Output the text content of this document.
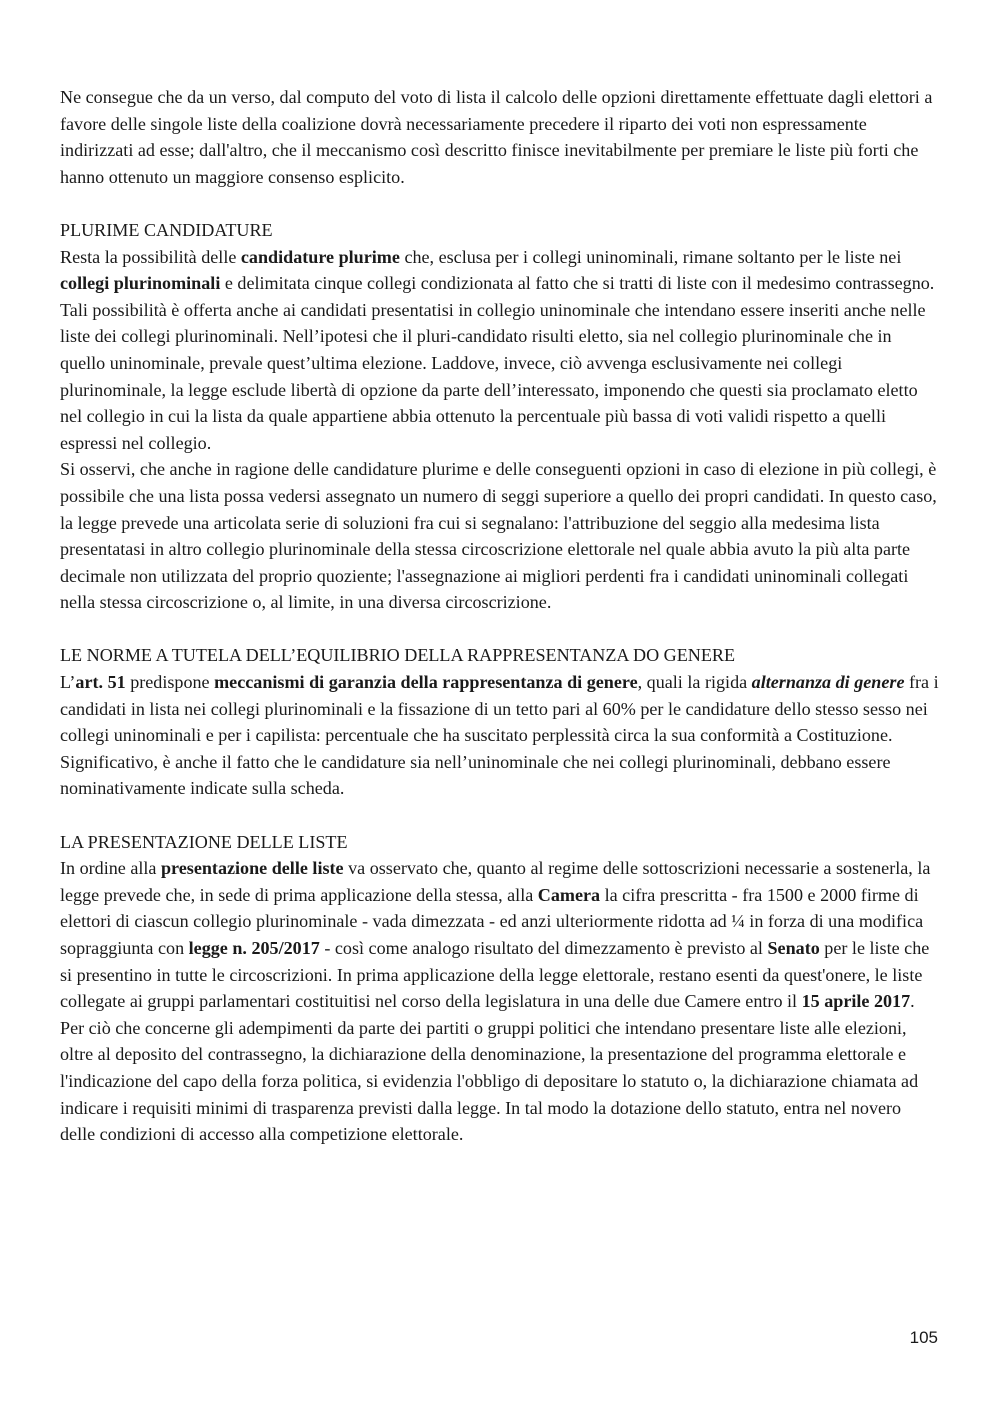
Ne consegue che da un verso, dal computo del voto di lista il calcolo delle opzioni direttamente effettuate dagli elettori a favore delle singole liste della coalizione dovrà necessariamente precedere il riparto dei voti non espressamente indirizzati ad esse; dall'altro, che il meccanismo così descritto finisce inevitabilmente per premiare le liste più forti che hanno ottenuto un maggiore consenso esplicito.

PLURIME CANDIDATURE

Resta la possibilità delle candidature plurime che, esclusa per i collegi uninominali, rimane soltanto per le liste nei collegi plurinominali e delimitata cinque collegi condizionata al fatto che si tratti di liste con il medesimo contrassegno. Tali possibilità è offerta anche ai candidati presentatisi in collegio uninominale che intendano essere inseriti anche nelle liste dei collegi plurinominali. Nell’ipotesi che il pluri-candidato risulti eletto, sia nel collegio plurinominale che in quello uninominale, prevale quest’ultima elezione. Laddove, invece, ciò avvenga esclusivamente nei collegi plurinominale, la legge esclude libertà di opzione da parte dell’interessato, imponendo che questi sia proclamato eletto nel collegio in cui la lista da quale appartiene abbia ottenuto la percentuale più bassa di voti validi rispetto a quelli espressi nel collegio.

Si osservi, che anche in ragione delle candidature plurime e delle conseguenti opzioni in caso di elezione in più collegi, è possibile che una lista possa vedersi assegnato un numero di seggi superiore a quello dei propri candidati. In questo caso, la legge prevede una articolata serie di soluzioni fra cui si segnalano: l'attribuzione del seggio alla medesima lista presentatasi in altro collegio plurinominale della stessa circoscrizione elettorale nel quale abbia avuto la più alta parte decimale non utilizzata del proprio quoziente; l'assegnazione ai migliori perdenti fra i candidati uninominali collegati nella stessa circoscrizione o, al limite, in una diversa circoscrizione.

LE NORME A TUTELA DELL’EQUILIBRIO DELLA RAPPRESENTANZA DO GENERE

L’art. 51 predispone meccanismi di garanzia della rappresentanza di genere, quali la rigida alternanza di genere fra i candidati in lista nei collegi plurinominali e la fissazione di un tetto pari al 60% per le candidature dello stesso sesso nei collegi uninominali e per i capilista: percentuale che ha suscitato perplessità circa la sua conformità a Costituzione.

Significativo, è anche il fatto che le candidature sia nell’uninominale che nei collegi plurinominali, debbano essere nominativamente indicate sulla scheda.

LA PRESENTAZIONE DELLE LISTE

In ordine alla presentazione delle liste va osservato che, quanto al regime delle sottoscrizioni necessarie a sostenerla, la legge prevede che, in sede di prima applicazione della stessa, alla Camera la cifra prescritta - fra 1500 e 2000 firme di elettori di ciascun collegio plurinominale - vada dimezzata - ed anzi ulteriormente ridotta ad ¼ in forza di una modifica sopraggiunta con legge n. 205/2017 - così come analogo risultato del dimezzamento è previsto al Senato per le liste che si presentino in tutte le circoscrizioni. In prima applicazione della legge elettorale, restano esenti da quest'onere, le liste collegate ai gruppi parlamentari costituitisi nel corso della legislatura in una delle due Camere entro il 15 aprile 2017.

Per ciò che concerne gli adempimenti da parte dei partiti o gruppi politici che intendano presentare liste alle elezioni, oltre al deposito del contrassegno, la dichiarazione della denominazione, la presentazione del programma elettorale e l'indicazione del capo della forza politica, si evidenzia l'obbligo di depositare lo statuto o, la dichiarazione chiamata ad indicare i requisiti minimi di trasparenza previsti dalla legge. In tal modo la dotazione dello statuto, entra nel novero delle condizioni di accesso alla competizione elettorale.

105
